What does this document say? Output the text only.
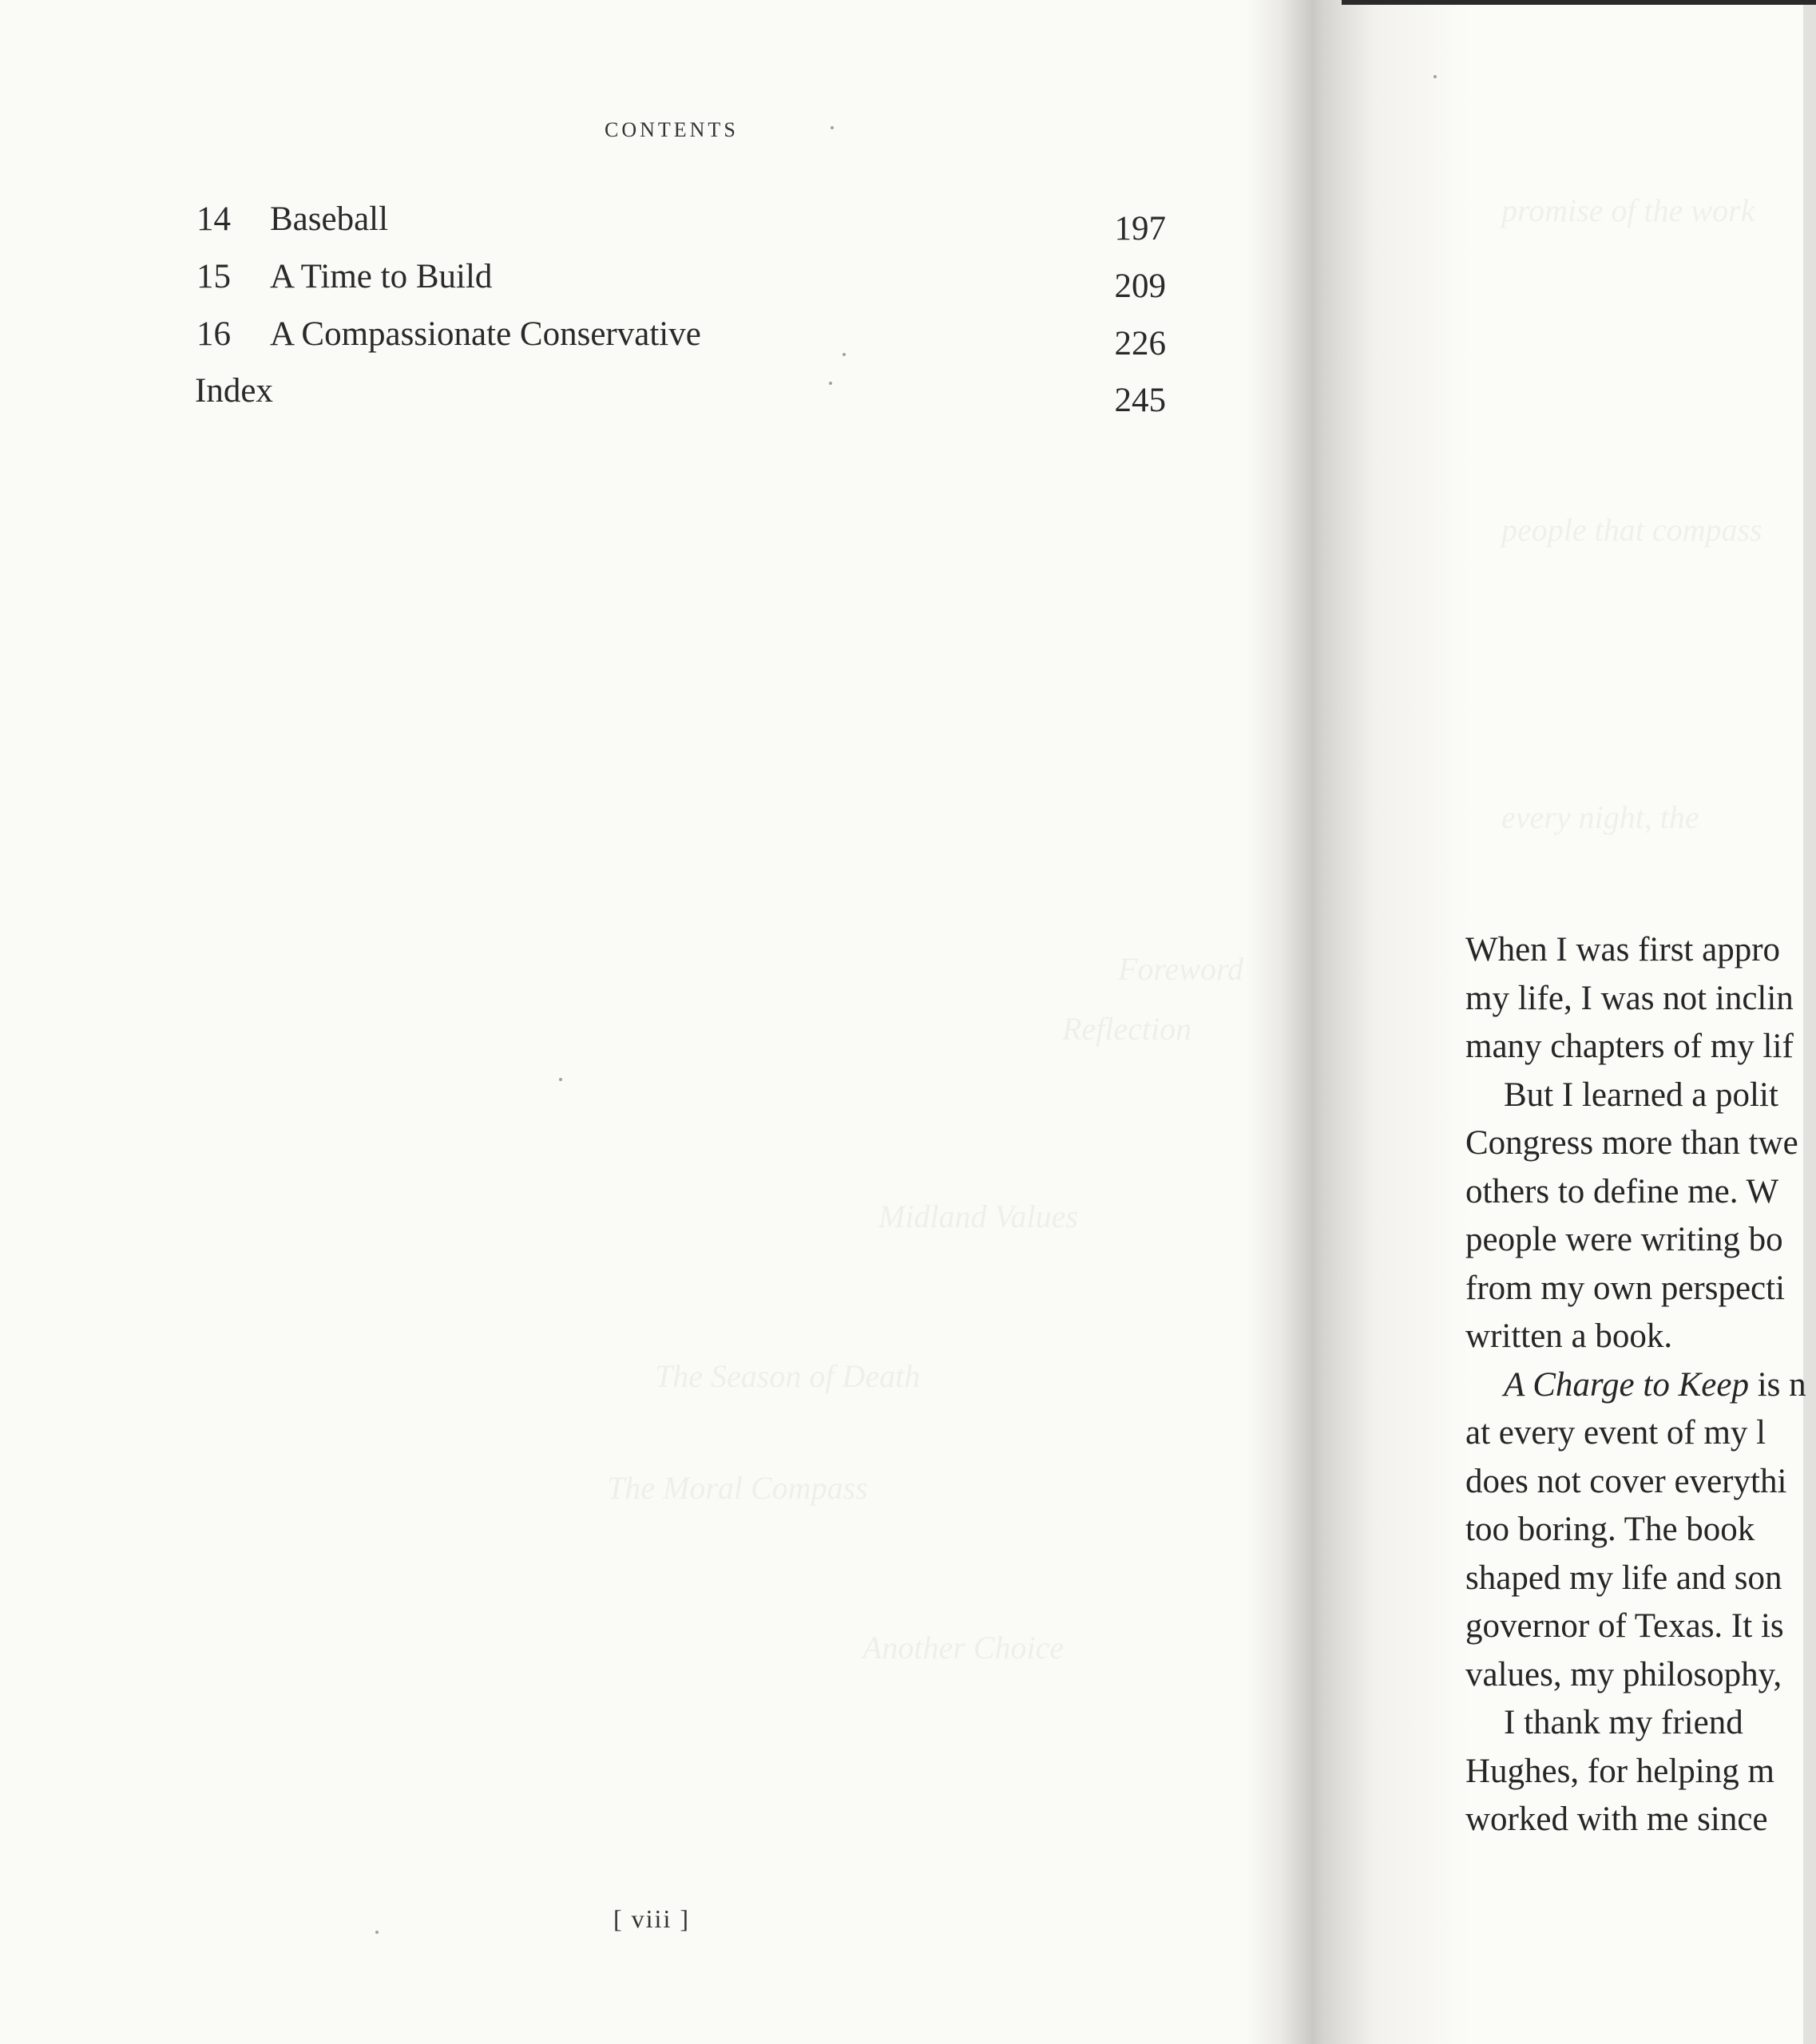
CONTENTS
14 Baseball	197
15 A Time to Build	209
16 A Compassionate Conservative	226
Index	245
Foreword
Reflection
Midland Values
The Season of Death
The Moral Compass
Another Choice
[ viii ]
promise of the work
people that compass
every night, the
When I was first appro
my life, I was not inclin
many chapters of my lif
But I learned a polit
Congress more than twe
others to define me. W
people were writing bo
from my own perspecti
written a book.
A Charge to Keep is n
at every event of my l
does not cover everythi
too boring. The book
shaped my life and son
governor of Texas. It is
values, my philosophy,
I thank my friend
Hughes, for helping m
worked with me since
